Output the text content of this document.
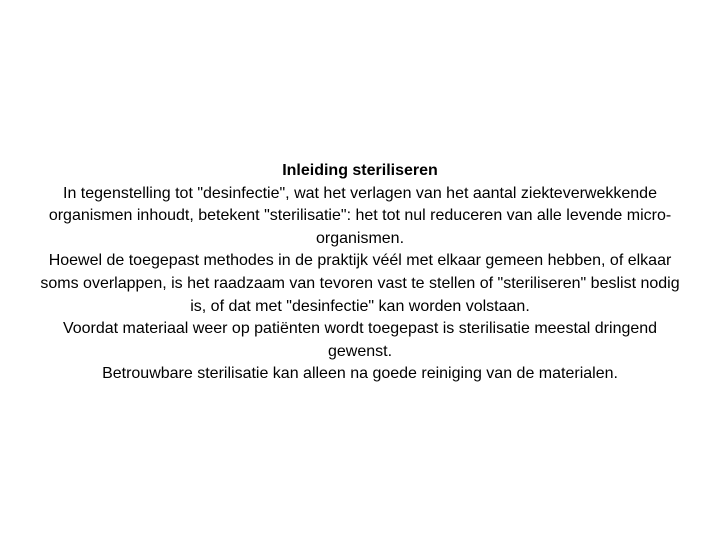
Inleiding steriliseren
In tegenstelling tot "desinfectie", wat het verlagen van het aantal ziekteverwekkende organismen inhoudt, betekent "sterilisatie": het tot nul reduceren van alle levende micro-organismen.
Hoewel de toegepast methodes in de praktijk véél met elkaar gemeen hebben, of elkaar soms overlappen, is het raadzaam van tevoren vast te stellen of "steriliseren" beslist nodig is, of dat met "desinfectie" kan worden volstaan.
Voordat materiaal weer op patiënten wordt toegepast is sterilisatie meestal dringend gewenst.
Betrouwbare sterilisatie kan alleen na goede reiniging van de materialen.
